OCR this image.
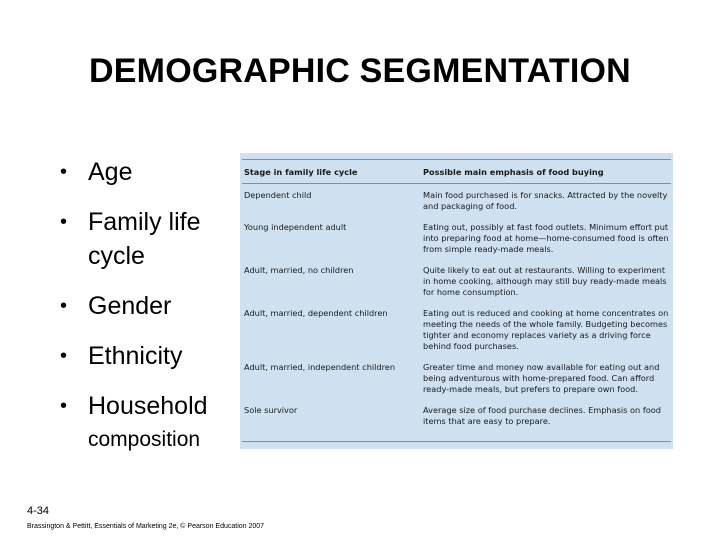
DEMOGRAPHIC SEGMENTATION
• Age
• Family life cycle
• Gender
• Ethnicity
• Household
composition
Stage in family life cycle	Possible main emphasis of food buying
Dependent child	Main food purchased is for snacks. Attracted by the novelty and packaging of food.
Young independent adult	Eating out, possibly at fast food outlets. Minimum effort put into preparing food at home—home-consumed food is often from simple ready-made meals.
Adult, married, no children	Quite likely to eat out at restaurants. Willing to experiment in home cooking, although may still buy ready-made meals for home consumption.
Adult, married, dependent children	Eating out is reduced and cooking at home concentrates on meeting the needs of the whole family. Budgeting becomes tighter and economy replaces variety as a driving force behind food purchases.
Adult, married, independent children	Greater time and money now available for eating out and being adventurous with home-prepared food. Can afford ready-made meals, but prefers to prepare own food.
Sole survivor	Average size of food purchase declines. Emphasis on food items that are easy to prepare.
4-34
Brassington & Pettitt, Essentials of Marketing 2e, © Pearson Education 2007
